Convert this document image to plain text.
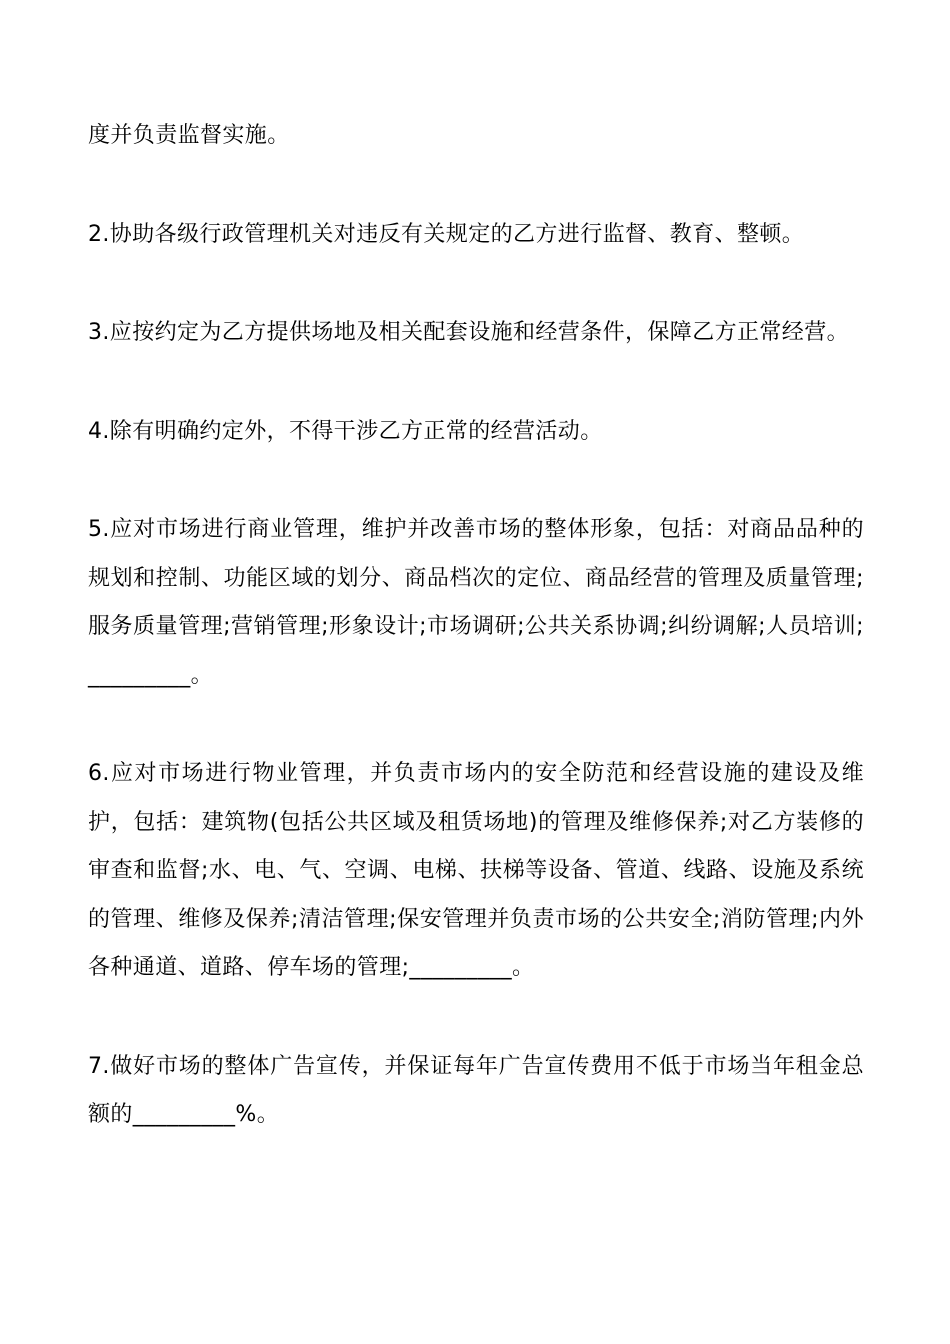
度并负责监督实施。

2.协助各级行政管理机关对违反有关规定的乙方进行监督、教育、整顿。

3.应按约定为乙方提供场地及相关配套设施和经营条件，保障乙方正常经营。

4.除有明确约定外，不得干涉乙方正常的经营活动。

5.应对市场进行商业管理，维护并改善市场的整体形象，包括：对商品品种的规划和控制、功能区域的划分、商品档次的定位、商品经营的管理及质量管理;服务质量管理;营销管理;形象设计;市场调研;公共关系协调;纠纷调解;人员培训;_________。

6.应对市场进行物业管理，并负责市场内的安全防范和经营设施的建设及维护，包括：建筑物(包括公共区域及租赁场地)的管理及维修保养;对乙方装修的审查和监督;水、电、气、空调、电梯、扶梯等设备、管道、线路、设施及系统的管理、维修及保养;清洁管理;保安管理并负责市场的公共安全;消防管理;内外各种通道、道路、停车场的管理;_________。

7.做好市场的整体广告宣传，并保证每年广告宣传费用不低于市场当年租金总额的_________%。
